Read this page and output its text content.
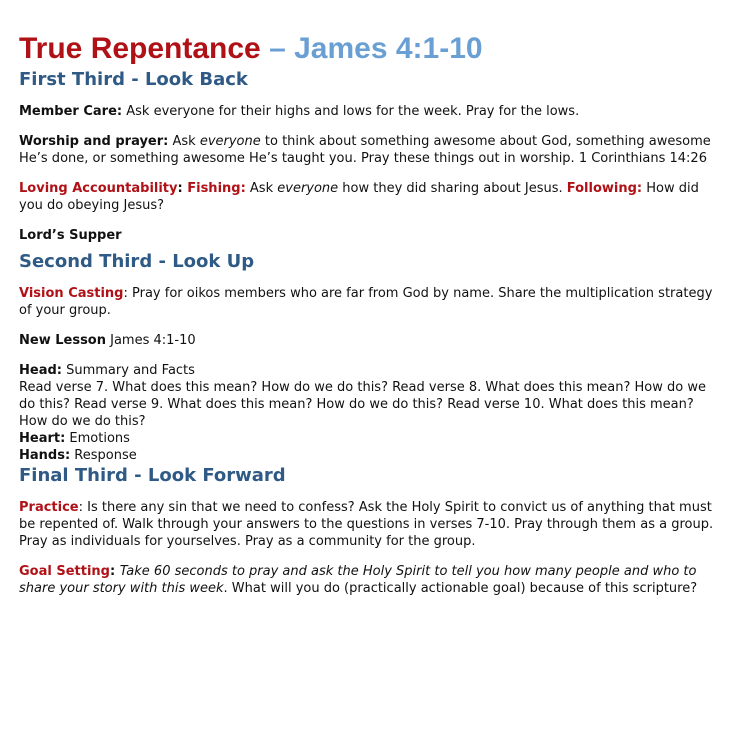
True Repentance – James 4:1-10
First Third - Look Back

Member Care: Ask everyone for their highs and lows for the week. Pray for the lows.

Worship and prayer: Ask everyone to think about something awesome about God, something awesome He’s done, or something awesome He’s taught you. Pray these things out in worship. 1 Corinthians 14:26

Loving Accountability: Fishing: Ask everyone how they did sharing about Jesus. Following: How did you do obeying Jesus?

Lord’s Supper

Second Third - Look Up

Vision Casting: Pray for oikos members who are far from God by name. Share the multiplication strategy of your group.

New Lesson James 4:1-10

Head: Summary and Facts

Read verse 7. What does this mean? How do we do this? Read verse 8. What does this mean? How do we do this? Read verse 9. What does this mean? How do we do this? Read verse 10. What does this mean? How do we do this?

Heart: Emotions

Hands: Response

Final Third - Look Forward

Practice: Is there any sin that we need to confess? Ask the Holy Spirit to convict us of anything that must be repented of. Walk through your answers to the questions in verses 7-10. Pray through them as a group. Pray as individuals for yourselves. Pray as a community for the group.

Goal Setting: Take 60 seconds to pray and ask the Holy Spirit to tell you how many people and who to share your story with this week. What will you do (practically actionable goal) because of this scripture?
